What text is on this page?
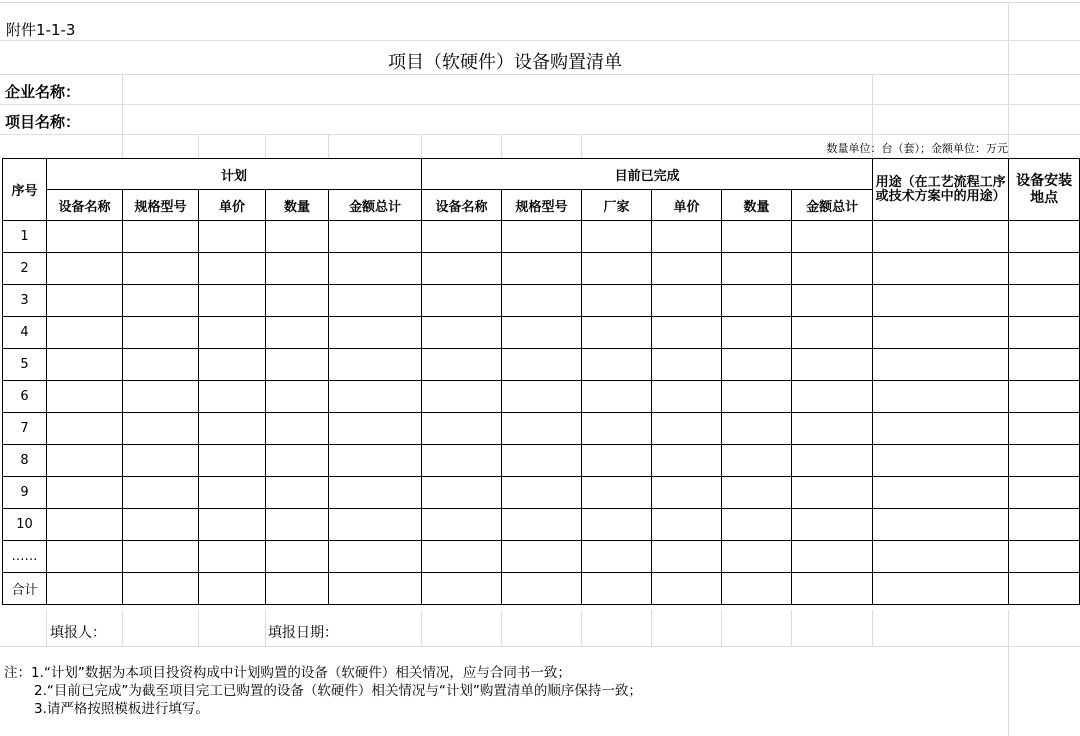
附件1-1-3
项目（软硬件）设备购置清单
企业名称：
项目名称：
数量单位：台（套）；金额单位：万元
序号	计划					目前已完成						用途（在工艺流程工序或技术方案中的用途）	设备安装地点
	设备名称	规格型号	单价	数量	金额总计	设备名称	规格型号	厂家	单价	数量	金额总计		
1													
2													
3													
4													
5													
6													
7													
8													
9													
10													
……													
合计													
填报人：	填报日期：
注：1.“计划”数据为本项目投资构成中计划购置的设备（软硬件）相关情况，应与合同书一致；
2.“目前已完成”为截至项目完工已购置的设备（软硬件）相关情况与“计划”购置清单的顺序保持一致；
3.请严格按照模板进行填写。
